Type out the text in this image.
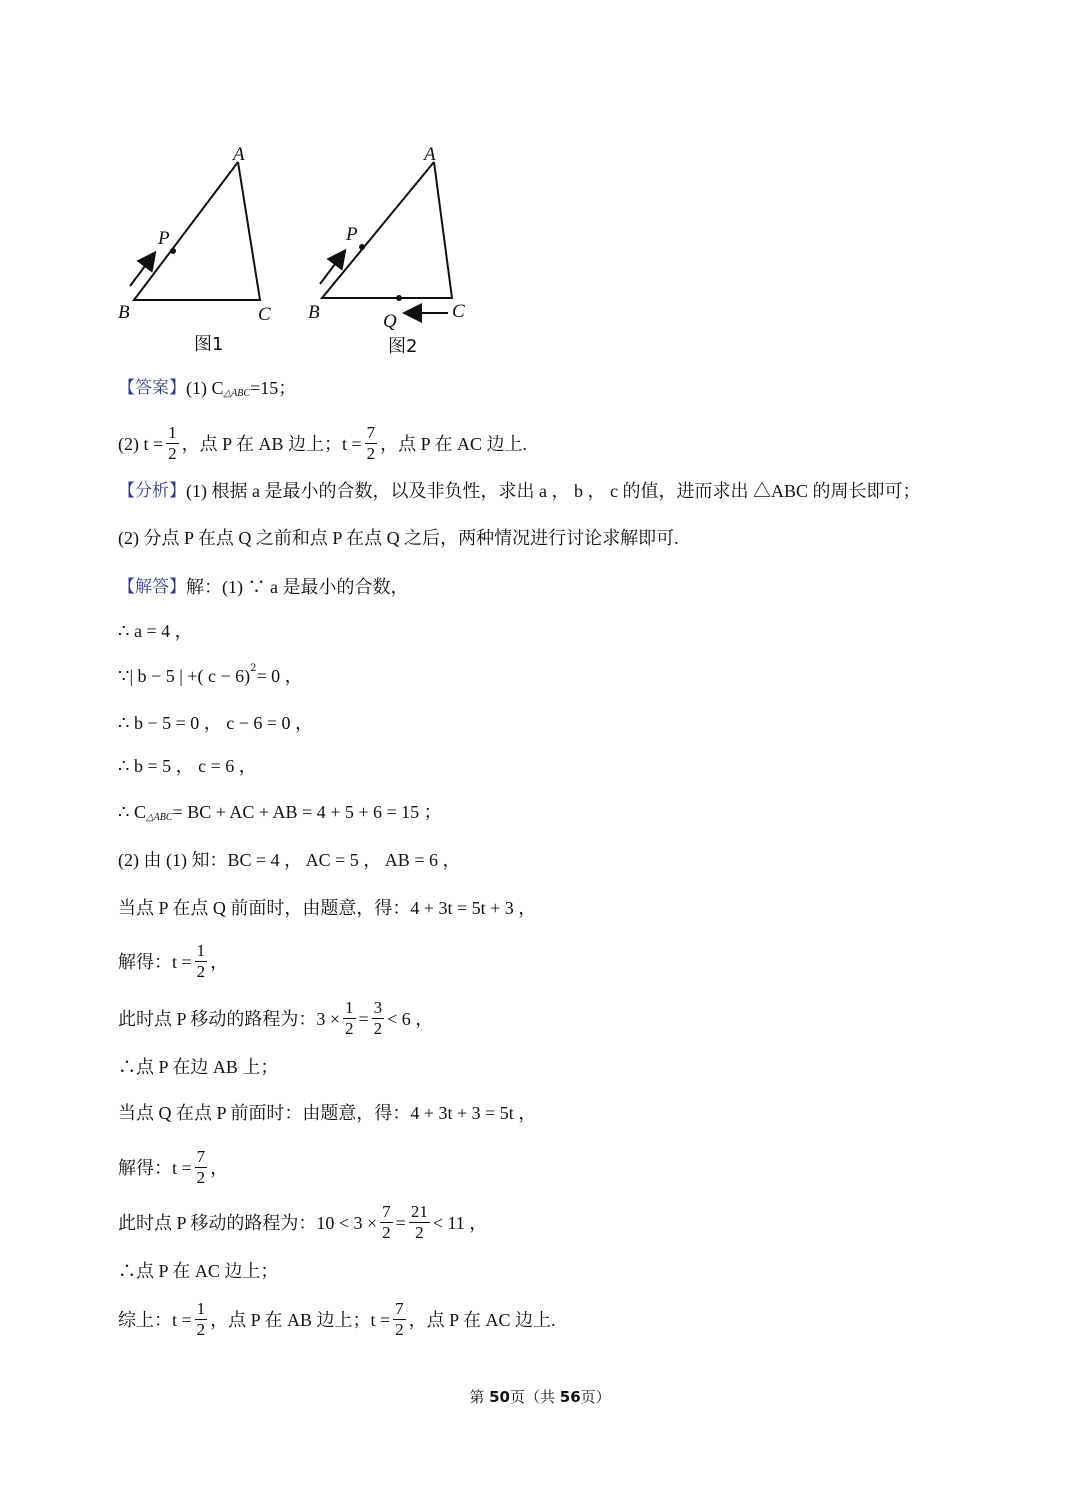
A
B	C
P
图1
A
B	C
P
Q
图2
【答案】 (1) C △ABC =15；
(2) $t = \frac{1}{2}$ ，点 P 在 AB 边上；$t = \frac{7}{2}$ ，点 P 在 AC 边上.
【分析】 (1) 根据 a 是最小的合数，以及非负性，求出 a ， b ， c 的值，进而求出 △ABC 的周长即可；
(2) 分点 P 在点 Q 之前和点 P 在点 Q 之后，两种情况进行讨论求解即可.
【解答】 解：(1) ∵ a 是最小的合数，
∴ a = 4 ，
∵| b − 5 | +( c − 6) 2 = 0 ，
∴ b − 5 = 0 ， c − 6 = 0 ，
∴ b = 5 ， c = 6 ，
∴ C △ABC = BC + AC + AB = 4 + 5 + 6 = 15 ；
(2) 由 (1) 知：BC = 4 ， AC = 5 ， AB = 6 ，
当点 P 在点 Q 前面时，由题意，得：4 + 3t = 5t + 3 ，
解得：$t = \frac{1}{2}$ ，
此时点 P 移动的路程为：$3 \times \frac{1}{2} = \frac{3}{2} < 6$ ，
∴点 P 在边 AB 上；
当点 Q 在点 P 前面时：由题意，得：4 + 3t + 3 = 5t ，
解得：$t = \frac{7}{2}$ ，
此时点 P 移动的路程为：$10 < 3 \times \frac{7}{2} = \frac{21}{2} < 11$ ，
∴点 P 在 AC 边上；
综上：$t = \frac{1}{2}$ ，点 P 在 AB 边上；$t = \frac{7}{2}$ ，点 P 在 AC 边上.
第 50页（共 56页）
